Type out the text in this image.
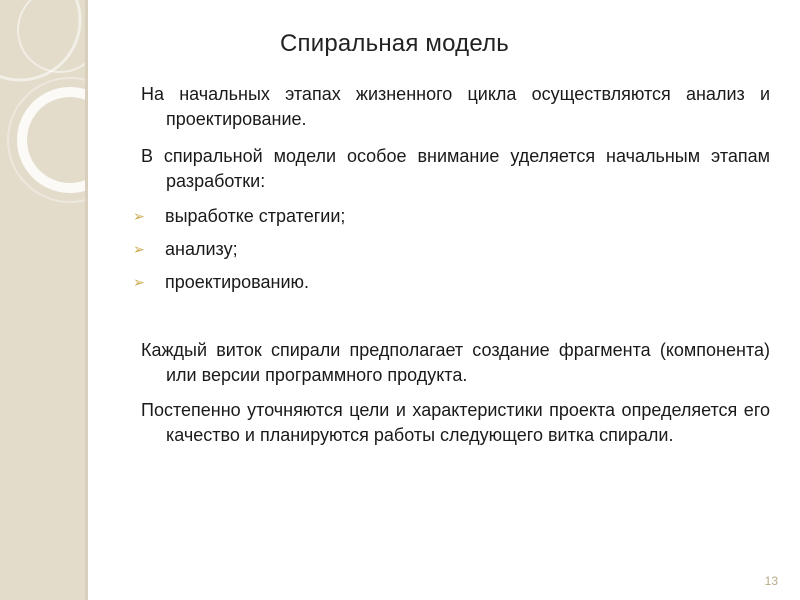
Спиральная модель
На начальных этапах жизненного цикла осуществляются анализ и проектирование.
В спиральной модели особое внимание уделяется начальным этапам разработки:
➢	выработке стратегии;
➢	анализу;
➢	проектированию.
Каждый виток спирали предполагает создание фрагмента (компонента) или версии программного продукта.
Постепенно уточняются цели и характеристики проекта определяется его качество и планируются работы следующего витка спирали.
13
